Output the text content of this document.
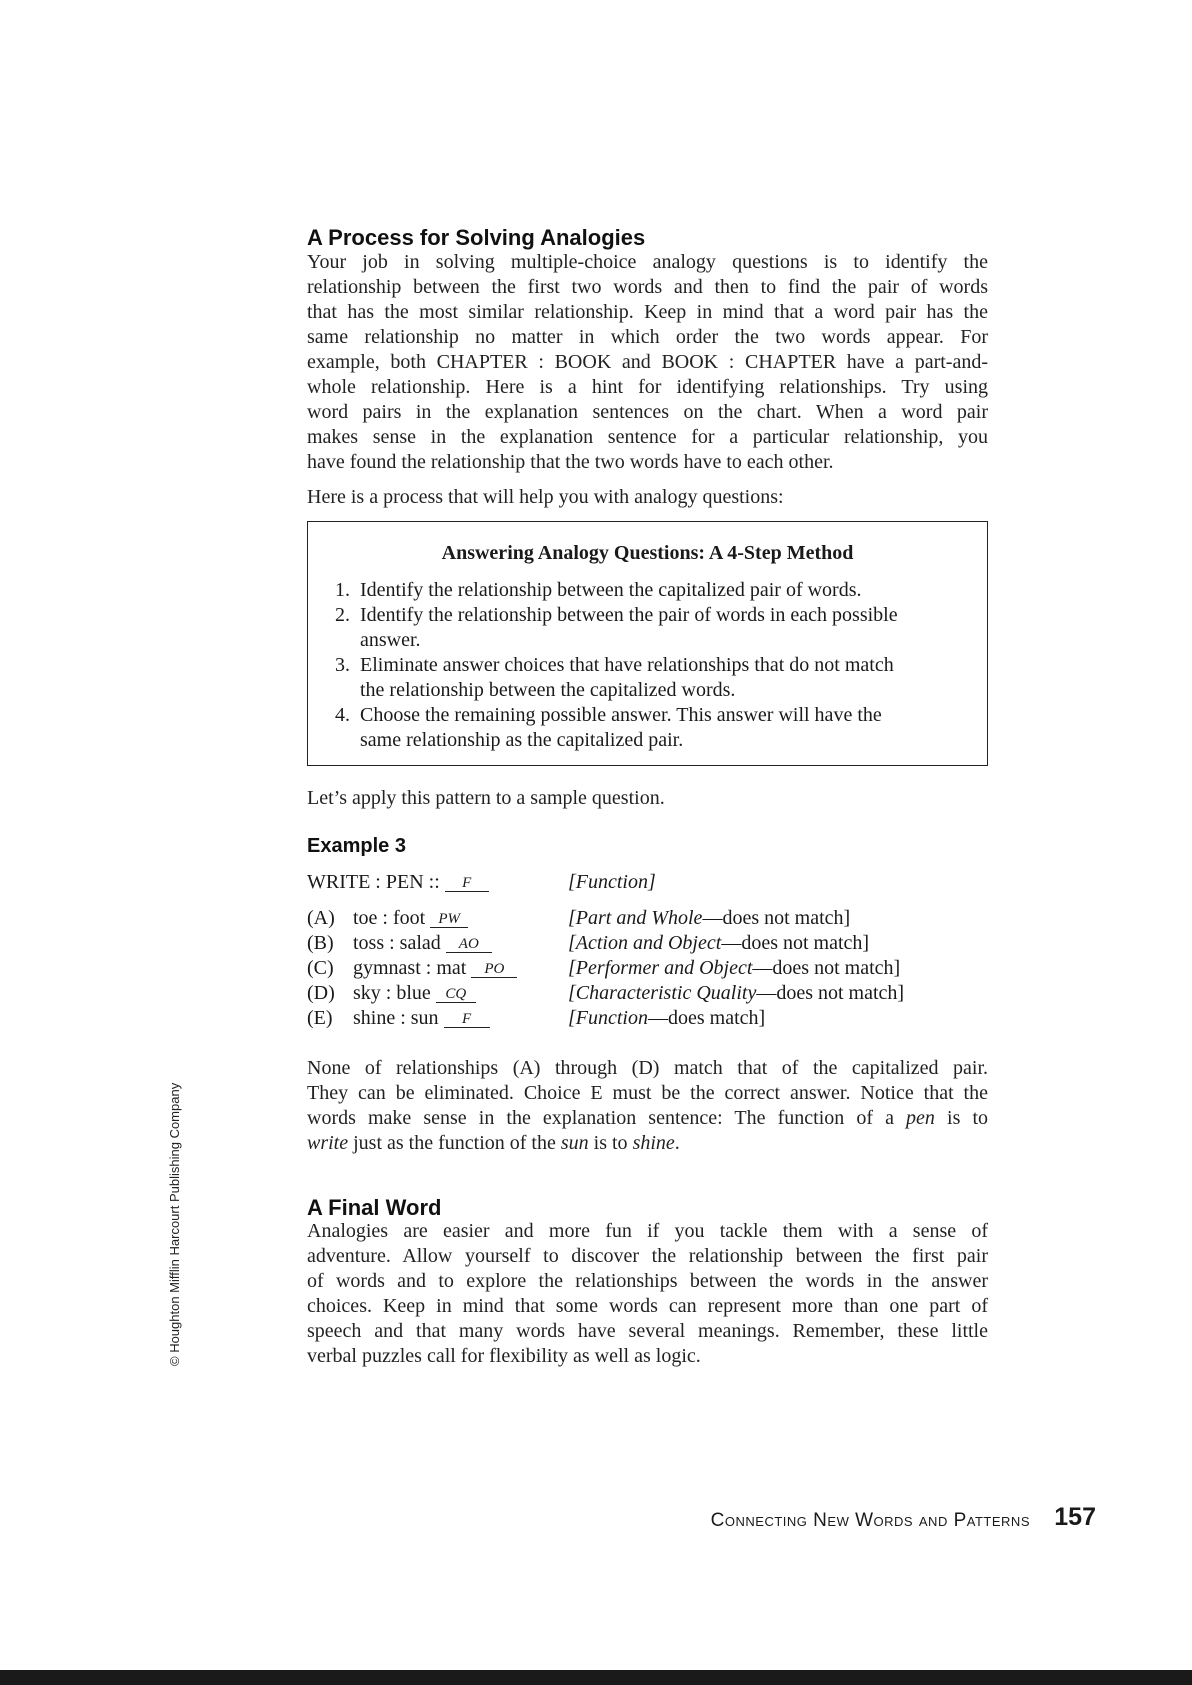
A Process for Solving Analogies
Your job in solving multiple-choice analogy questions is to identify the
relationship between the first two words and then to find the pair of words
that has the most similar relationship. Keep in mind that a word pair has the
same relationship no matter in which order the two words appear. For
example, both CHAPTER : BOOK and BOOK : CHAPTER have a part-and-
whole relationship. Here is a hint for identifying relationships. Try using
word pairs in the explanation sentences on the chart. When a word pair
makes sense in the explanation sentence for a particular relationship, you
have found the relationship that the two words have to each other.
Here is a process that will help you with analogy questions:
Answering Analogy Questions: A 4-Step Method
1. Identify the relationship between the capitalized pair of words.
2. Identify the relationship between the pair of words in each possible
answer.
3. Eliminate answer choices that have relationships that do not match
the relationship between the capitalized words.
4. Choose the remaining possible answer. This answer will have the
same relationship as the capitalized pair.
Let’s apply this pattern to a sample question.
Example 3
WRITE : PEN :: F	[Function]
(A) toe : foot PW	[Part and Whole—does not match]
(B) toss : salad AO	[Action and Object—does not match]
(C) gymnast : mat PO	[Performer and Object—does not match]
(D) sky : blue CQ	[Characteristic Quality—does not match]
(E) shine : sun F	[Function—does match]
None of relationships (A) through (D) match that of the capitalized pair.
They can be eliminated. Choice E must be the correct answer. Notice that the
words make sense in the explanation sentence: The function of a pen is to
write just as the function of the sun is to shine.
A Final Word
Analogies are easier and more fun if you tackle them with a sense of
adventure. Allow yourself to discover the relationship between the first pair
of words and to explore the relationships between the words in the answer
choices. Keep in mind that some words can represent more than one part of
speech and that many words have several meanings. Remember, these little
verbal puzzles call for flexibility as well as logic.
© Houghton Mifflin Harcourt Publishing Company
Connecting New Words and Patterns 157
